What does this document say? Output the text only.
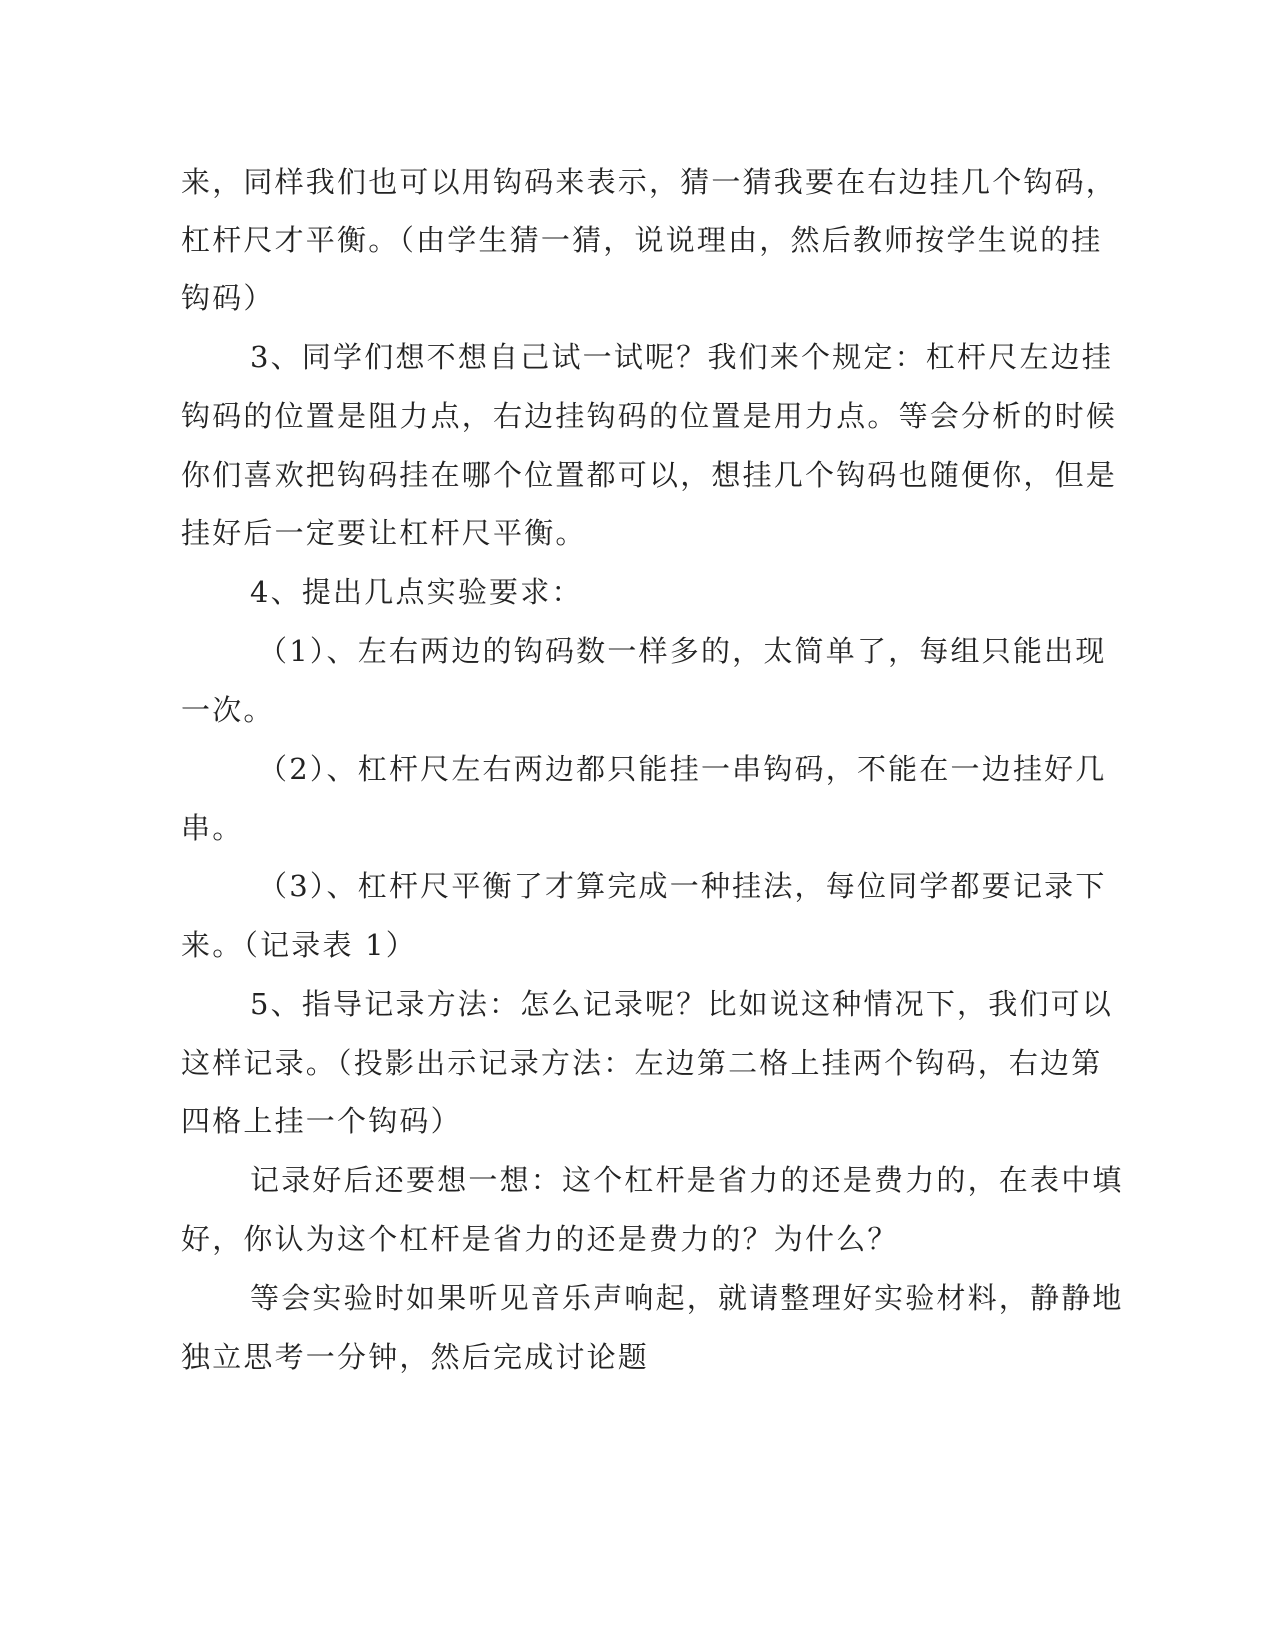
来，同样我们也可以用钩码来表示，猜一猜我要在右边挂几个钩码，
杠杆尺才平衡。（由学生猜一猜，说说理由，然后教师按学生说的挂
钩码）
3、同学们想不想自己试一试呢？我们来个规定：杠杆尺左边挂
钩码的位置是阻力点，右边挂钩码的位置是用力点。等会分析的时候
你们喜欢把钩码挂在哪个位置都可以，想挂几个钩码也随便你，但是
挂好后一定要让杠杆尺平衡。
4、提出几点实验要求：
（1）、左右两边的钩码数一样多的，太简单了，每组只能出现
一次。
（2）、杠杆尺左右两边都只能挂一串钩码，不能在一边挂好几
串。
（3）、杠杆尺平衡了才算完成一种挂法，每位同学都要记录下
来。（记录表 1）
5、指导记录方法：怎么记录呢？比如说这种情况下，我们可以
这样记录。（投影出示记录方法：左边第二格上挂两个钩码，右边第
四格上挂一个钩码）
记录好后还要想一想：这个杠杆是省力的还是费力的，在表中填
好，你认为这个杠杆是省力的还是费力的？为什么？
等会实验时如果听见音乐声响起，就请整理好实验材料，静静地
独立思考一分钟，然后完成讨论题
